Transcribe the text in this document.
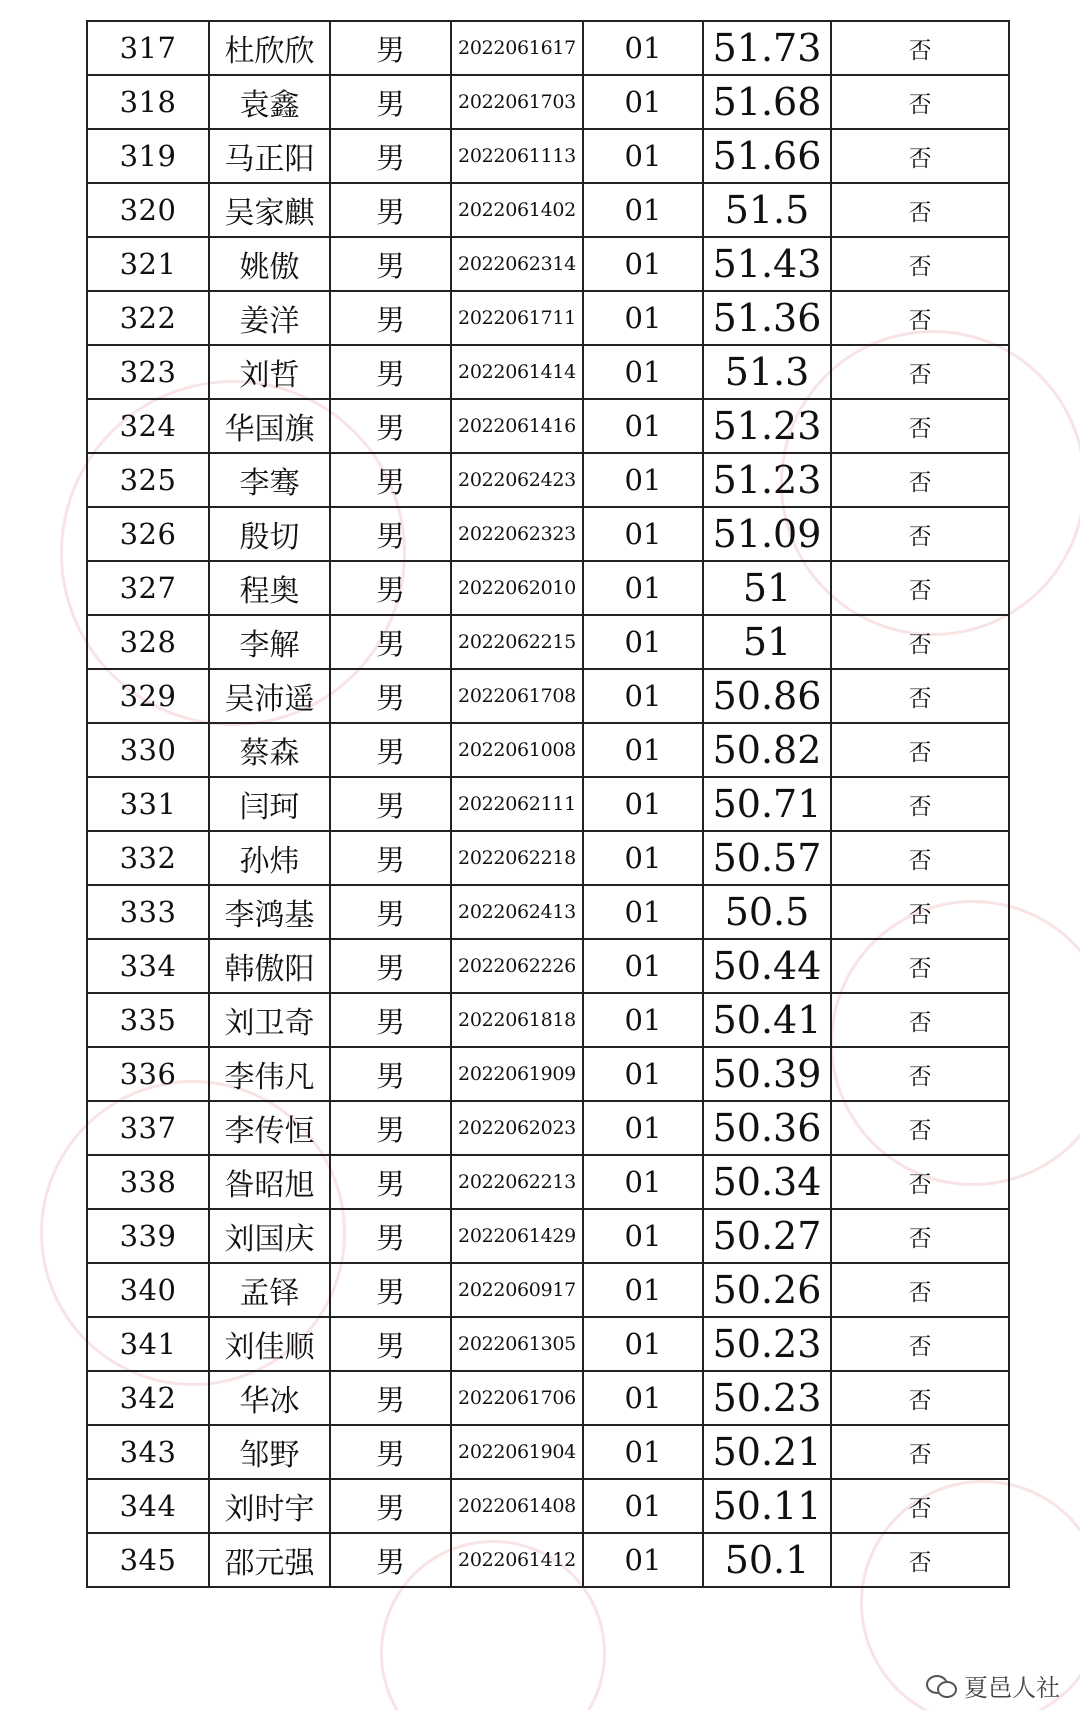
317	杜欣欣	男	2022061617	01	51.73	否
318	袁鑫	男	2022061703	01	51.68	否
319	马正阳	男	2022061113	01	51.66	否
320	吴家麒	男	2022061402	01	51.5	否
321	姚傲	男	2022062314	01	51.43	否
322	姜洋	男	2022061711	01	51.36	否
323	刘哲	男	2022061414	01	51.3	否
324	华国旗	男	2022061416	01	51.23	否
325	李骞	男	2022062423	01	51.23	否
326	殷切	男	2022062323	01	51.09	否
327	程奥	男	2022062010	01	51	否
328	李解	男	2022062215	01	51	否
329	吴沛遥	男	2022061708	01	50.86	否
330	蔡森	男	2022061008	01	50.82	否
331	闫珂	男	2022062111	01	50.71	否
332	孙炜	男	2022062218	01	50.57	否
333	李鸿基	男	2022062413	01	50.5	否
334	韩傲阳	男	2022062226	01	50.44	否
335	刘卫奇	男	2022061818	01	50.41	否
336	李伟凡	男	2022061909	01	50.39	否
337	李传恒	男	2022062023	01	50.36	否
338	昝昭旭	男	2022062213	01	50.34	否
339	刘国庆	男	2022061429	01	50.27	否
340	孟铎	男	2022060917	01	50.26	否
341	刘佳顺	男	2022061305	01	50.23	否
342	华冰	男	2022061706	01	50.23	否
343	邹野	男	2022061904	01	50.21	否
344	刘时宇	男	2022061408	01	50.11	否
345	邵元强	男	2022061412	01	50.1	否
夏邑人社
